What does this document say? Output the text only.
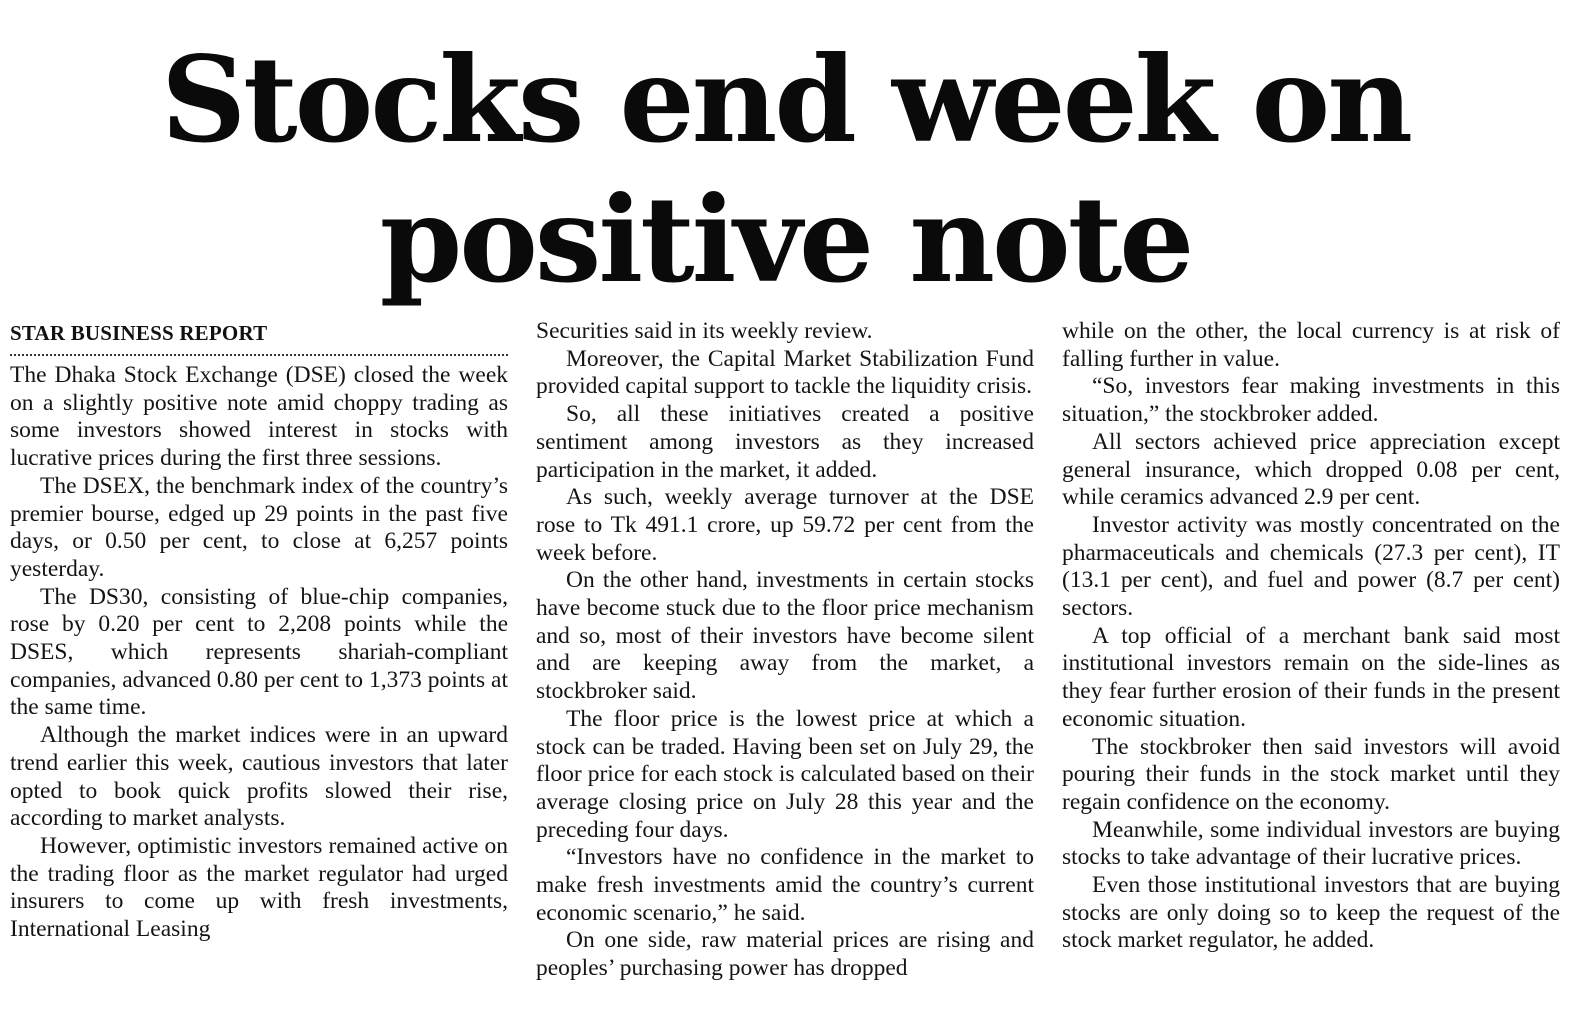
Stocks end week on
positive note
STAR BUSINESS REPORT

The Dhaka Stock Exchange (DSE) closed the week on a slightly positive note amid choppy trading as some investors showed interest in stocks with lucrative prices during the first three sessions.

The DSEX, the benchmark index of the country’s premier bourse, edged up 29 points in the past five days, or 0.50 per cent, to close at 6,257 points yesterday.

The DS30, consisting of blue-chip companies, rose by 0.20 per cent to 2,208 points while the DSES, which represents shariah-compliant companies, advanced 0.80 per cent to 1,373 points at the same time.

Although the market indices were in an upward trend earlier this week, cautious investors that later opted to book quick profits slowed their rise, according to market analysts.

However, optimistic investors remained active on the trading floor as the market regulator had urged insurers to come up with fresh investments, International Leasing

Securities said in its weekly review.

Moreover, the Capital Market Stabilization Fund provided capital support to tackle the liquidity crisis.

So, all these initiatives created a positive sentiment among investors as they increased participation in the market, it added.

As such, weekly average turnover at the DSE rose to Tk 491.1 crore, up 59.72 per cent from the week before.

On the other hand, investments in certain stocks have become stuck due to the floor price mechanism and so, most of their investors have become silent and are keeping away from the market, a stockbroker said.

The floor price is the lowest price at which a stock can be traded. Having been set on July 29, the floor price for each stock is calculated based on their average closing price on July 28 this year and the preceding four days.

“Investors have no confidence in the market to make fresh investments amid the country’s current economic scenario,” he said.

On one side, raw material prices are rising and peoples’ purchasing power has dropped

while on the other, the local currency is at risk of falling further in value.

“So, investors fear making investments in this situation,” the stockbroker added.

All sectors achieved price appreciation except general insurance, which dropped 0.08 per cent, while ceramics advanced 2.9 per cent.

Investor activity was mostly concentrated on the pharmaceuticals and chemicals (27.3 per cent), IT (13.1 per cent), and fuel and power (8.7 per cent) sectors.

A top official of a merchant bank said most institutional investors remain on the side-lines as they fear further erosion of their funds in the present economic situation.

The stockbroker then said investors will avoid pouring their funds in the stock market until they regain confidence on the economy.

Meanwhile, some individual investors are buying stocks to take advantage of their lucrative prices.

Even those institutional investors that are buying stocks are only doing so to keep the request of the stock market regulator, he added.
